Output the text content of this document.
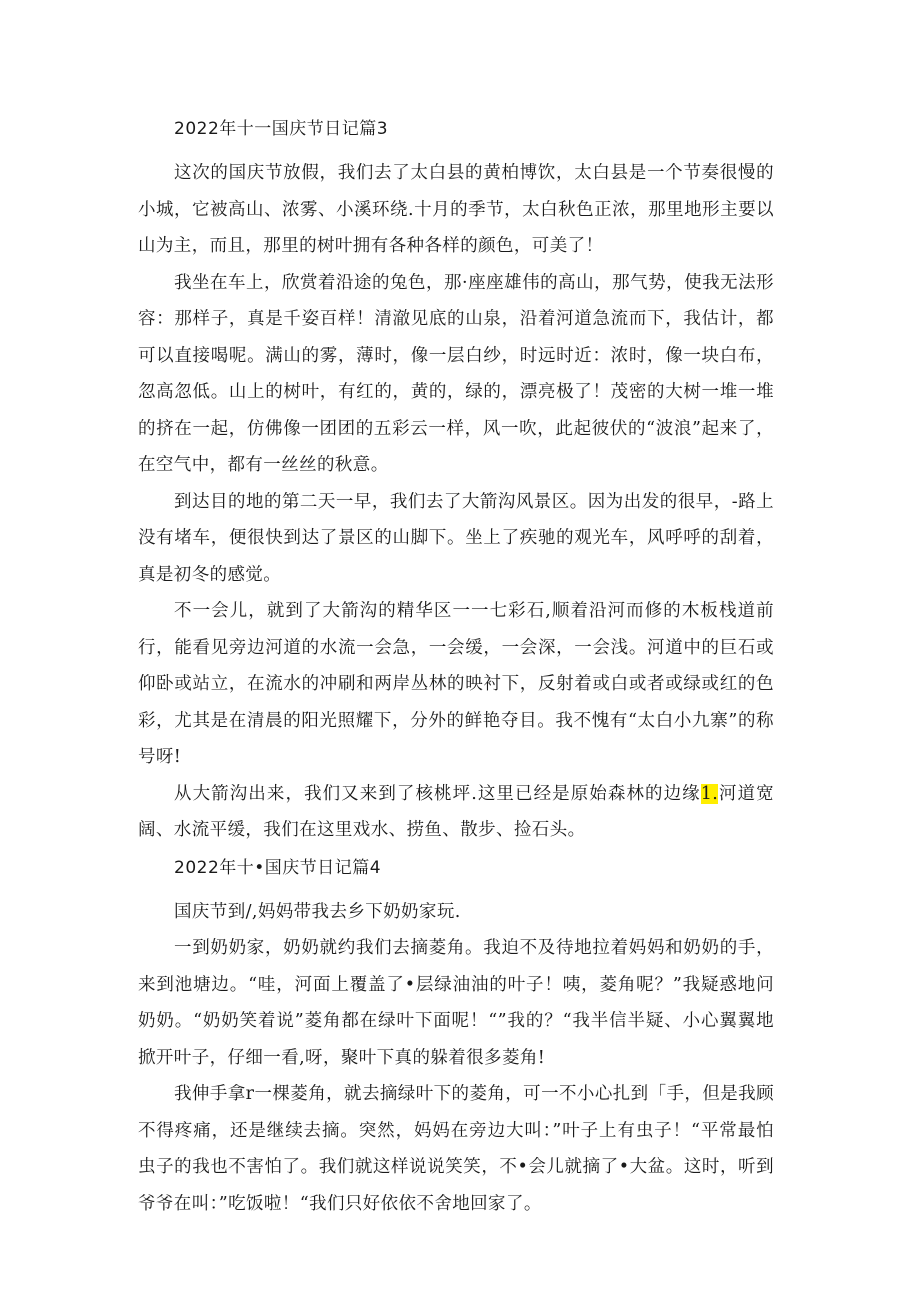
2022年十一国庆节日记篇3

这次的国庆节放假，我们去了太白县的黄柏博饮，太白县是一个节奏很慢的小城，它被高山、浓雾、小溪环绕.十月的季节，太白秋色正浓，那里地形主要以山为主，而且，那里的树叶拥有各种各样的颜色，可美了！

我坐在车上，欣赏着沿途的兔色，那·座座雄伟的高山，那气势，使我无法形容：那样子，真是千姿百样！清澈见底的山泉，沿着河道急流而下，我估计，都可以直接喝呢。满山的雾，薄时，像一层白纱，时远时近：浓时，像一块白布，忽高忽低。山上的树叶，有红的，黄的，绿的，漂亮极了！茂密的大树一堆一堆的挤在一起，仿佛像一团团的五彩云一样，风一吹，此起彼伏的“波浪”起来了，在空气中，都有一丝丝的秋意。

到达目的地的第二天一早，我们去了大箭沟风景区。因为出发的很早，-路上没有堵车，便很快到达了景区的山脚下。坐上了疾驰的观光车，风呼呼的刮着，真是初冬的感觉。

不一会儿，就到了大箭沟的精华区一一七彩石,顺着沿河而修的木板栈道前行，能看见旁边河道的水流一会急，一会缓，一会深，一会浅。河道中的巨石或仰卧或站立，在流水的冲刷和两岸丛林的映衬下，反射着或白或者或绿或红的色彩，尤其是在清晨的阳光照耀下，分外的鲜艳夺目。我不愧有“太白小九寨”的称号呀!

从大箭沟出来，我们又来到了核桃坪.这里已经是原始森林的边缘1.河道宽阔、水流平缓，我们在这里戏水、捞鱼、散步、捡石头。

2022年十•国庆节日记篇4

国庆节到/,妈妈带我去乡下奶奶家玩.

一到奶奶家，奶奶就约我们去摘菱角。我迫不及待地拉着妈妈和奶奶的手，来到池塘边。“哇，河面上覆盖了•层绿油油的叶子！咦，菱角呢？”我疑惑地问奶奶。“奶奶笑着说”菱角都在绿叶下面呢！“”我的？“我半信半疑、小心翼翼地掀开叶子，仔细一看,呀，聚叶下真的躲着很多菱角!

我伸手拿r一棵菱角，就去摘绿叶下的菱角，可一不小心扎到「手，但是我顾不得疼痛，还是继续去摘。突然，妈妈在旁边大叫：”叶子上有虫子！“平常最怕虫子的我也不害怕了。我们就这样说说笑笑，不•会儿就摘了•大盆。这时，听到爷爷在叫：”吃饭啦！“我们只好依依不舍地回家了。
